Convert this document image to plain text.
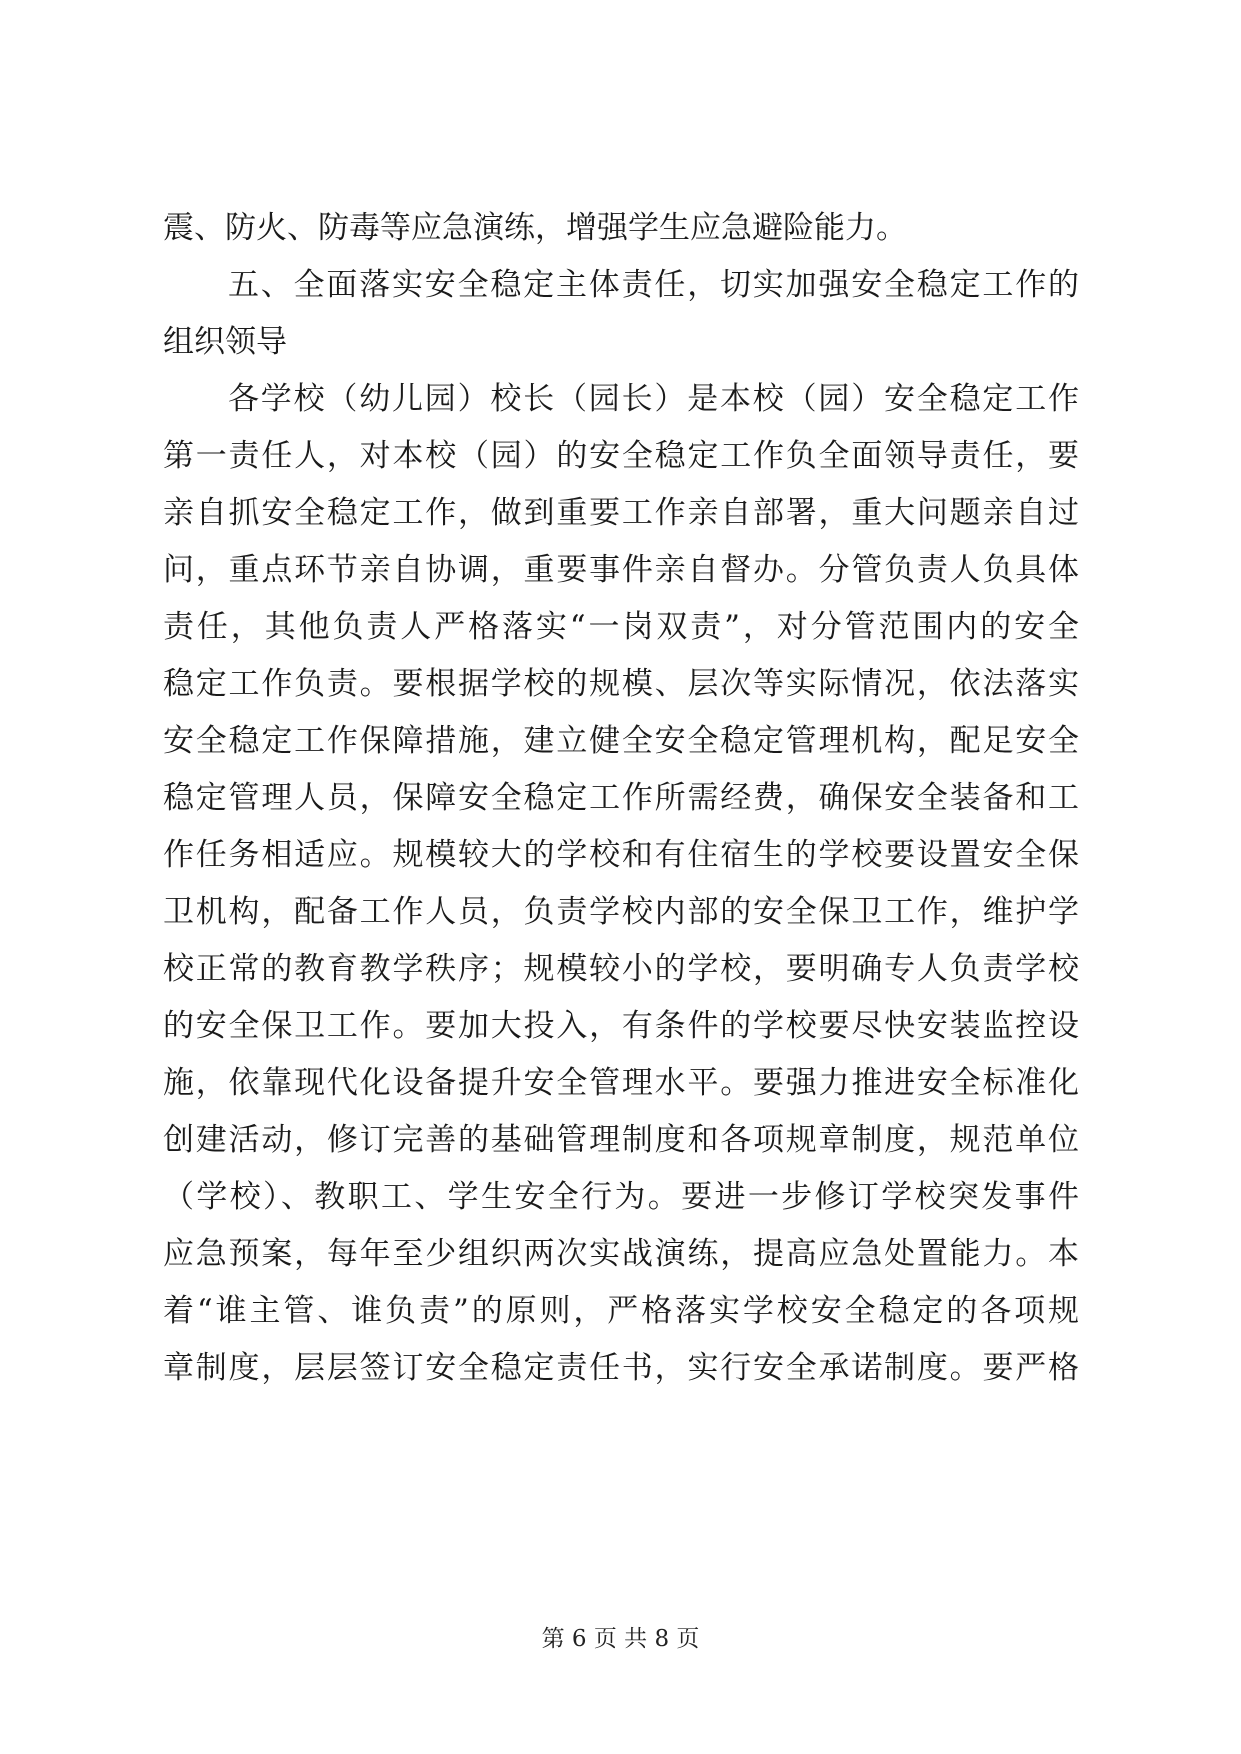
震、防火、防毒等应急演练，增强学生应急避险能力。
五、全面落实安全稳定主体责任，切实加强安全稳定工作的
组织领导
各学校（幼儿园）校长（园长）是本校（园）安全稳定工作
第一责任人，对本校（园）的安全稳定工作负全面领导责任，要
亲自抓安全稳定工作，做到重要工作亲自部署，重大问题亲自过
问，重点环节亲自协调，重要事件亲自督办。分管负责人负具体
责任，其他负责人严格落实“一岗双责”，对分管范围内的安全
稳定工作负责。要根据学校的规模、层次等实际情况，依法落实
安全稳定工作保障措施，建立健全安全稳定管理机构，配足安全
稳定管理人员，保障安全稳定工作所需经费，确保安全装备和工
作任务相适应。规模较大的学校和有住宿生的学校要设置安全保
卫机构，配备工作人员，负责学校内部的安全保卫工作，维护学
校正常的教育教学秩序；规模较小的学校，要明确专人负责学校
的安全保卫工作。要加大投入，有条件的学校要尽快安装监控设
施，依靠现代化设备提升安全管理水平。要强力推进安全标准化
创建活动，修订完善的基础管理制度和各项规章制度，规范单位
（学校）、教职工、学生安全行为。要进一步修订学校突发事件
应急预案，每年至少组织两次实战演练，提高应急处置能力。本
着“谁主管、谁负责”的原则，严格落实学校安全稳定的各项规
章制度，层层签订安全稳定责任书，实行安全承诺制度。要严格
第 6 页 共 8 页
